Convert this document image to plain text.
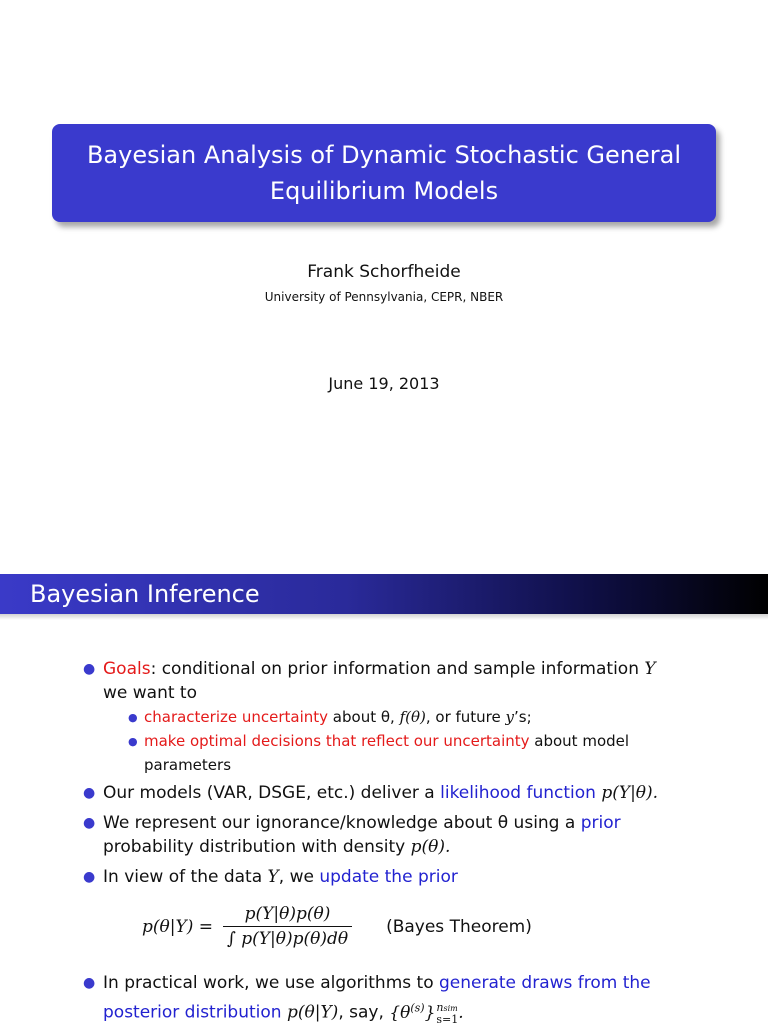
Bayesian Analysis of Dynamic Stochastic General
Equilibrium Models
Frank Schorfheide
University of Pennsylvania, CEPR, NBER
June 19, 2013
Bayesian Inference
● Goals: conditional on prior information and sample information Y
we want to
● characterize uncertainty about θ, f(θ), or future y’s;
● make optimal decisions that reflect our uncertainty about model
parameters
● Our models (VAR, DSGE, etc.) deliver a likelihood function p(Y|θ).
● We represent our ignorance/knowledge about θ using a prior
probability distribution with density p(θ).
● In view of the data Y, we update the prior
$p(\theta|Y) = \frac{p(Y|\theta)p(\theta)}{\int p(Y|\theta)p(\theta)d\theta}$ (Bayes Theorem)
● In practical work, we use algorithms to generate draws from the
posterior distribution p(θ|Y), say, $\{\theta^{(s)}\}$ nsim
s=1 .
